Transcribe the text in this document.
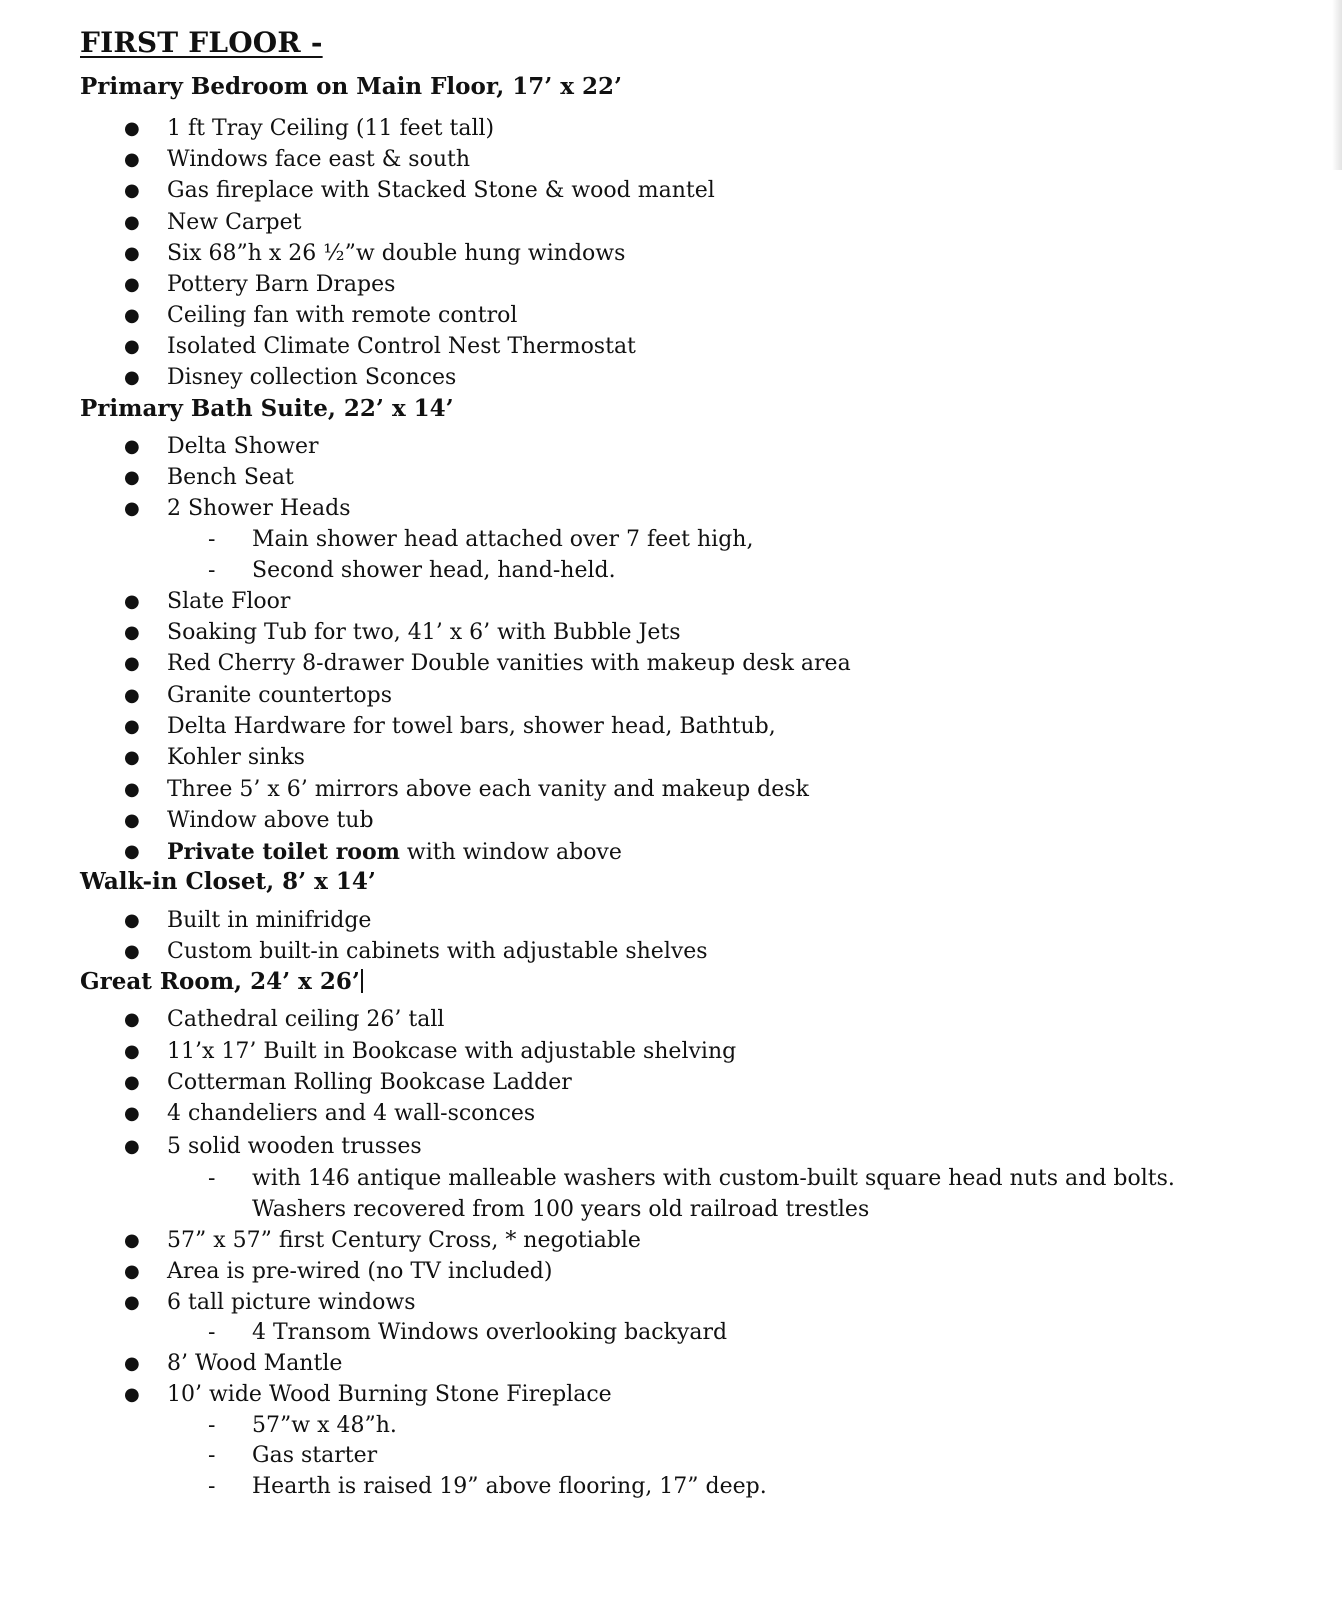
FIRST FLOOR -
Primary Bedroom on Main Floor, 17’ x 22’
● 1 ft Tray Ceiling (11 feet tall)
● Windows face east & south
● Gas fireplace with Stacked Stone & wood mantel
● New Carpet
● Six 68”h x 26 ½”w double hung windows
● Pottery Barn Drapes
● Ceiling fan with remote control
● Isolated Climate Control Nest Thermostat
● Disney collection Sconces
Primary Bath Suite, 22’ x 14’
● Delta Shower
● Bench Seat
● 2 Shower Heads
- Main shower head attached over 7 feet high,
- Second shower head, hand-held.
● Slate Floor
● Soaking Tub for two, 41’ x 6’ with Bubble Jets
● Red Cherry 8-drawer Double vanities with makeup desk area
● Granite countertops
● Delta Hardware for towel bars, shower head, Bathtub,
● Kohler sinks
● Three 5’ x 6’ mirrors above each vanity and makeup desk
● Window above tub
● Private toilet room with window above
Walk-in Closet, 8’ x 14’
● Built in minifridge
● Custom built-in cabinets with adjustable shelves
Great Room, 24’ x 26’
● Cathedral ceiling 26’ tall
● 11’x 17’ Built in Bookcase with adjustable shelving
● Cotterman Rolling Bookcase Ladder
● 4 chandeliers and 4 wall-sconces
● 5 solid wooden trusses
- with 146 antique malleable washers with custom-built square head nuts and bolts.
Washers recovered from 100 years old railroad trestles
● 57” x 57” first Century Cross, * negotiable
● Area is pre-wired (no TV included)
● 6 tall picture windows
- 4 Transom Windows overlooking backyard
● 8’ Wood Mantle
● 10’ wide Wood Burning Stone Fireplace
- 57”w x 48”h.
- Gas starter
- Hearth is raised 19” above flooring, 17” deep.
